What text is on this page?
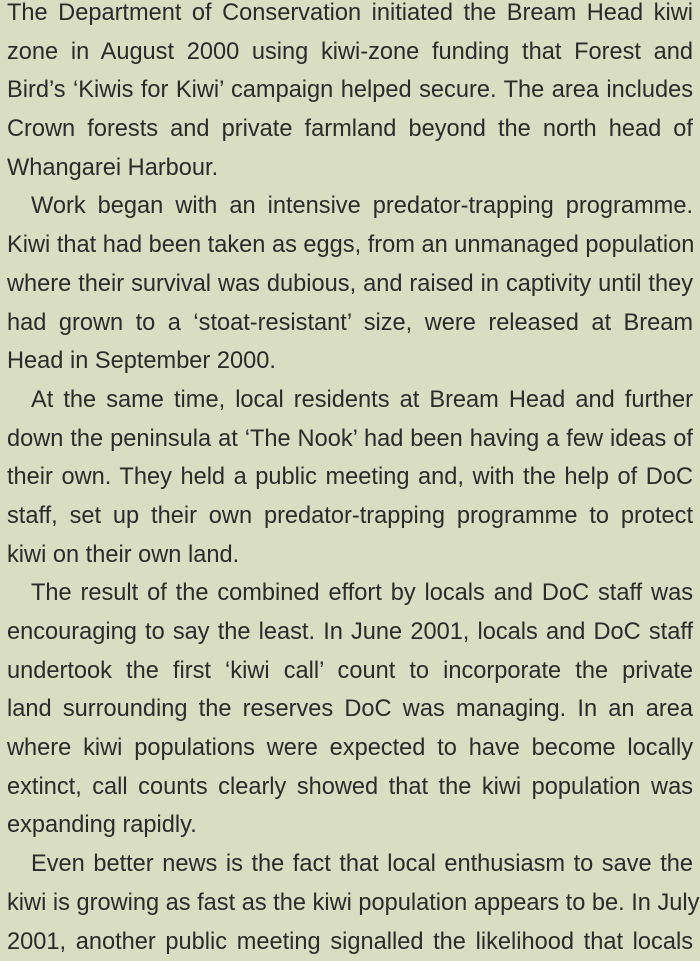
The Department of Conservation initiated the Bream Head kiwi
zone in August 2000 using kiwi-zone funding that Forest and
Bird’s ‘Kiwis for Kiwi’ campaign helped secure. The area includes
Crown forests and private farmland beyond the north head of
Whangarei Harbour.

Work began with an intensive predator-trapping programme.
Kiwi that had been taken as eggs, from an unmanaged population
where their survival was dubious, and raised in captivity until they
had grown to a ‘stoat-resistant’ size, were released at Bream
Head in September 2000.

At the same time, local residents at Bream Head and further
down the peninsula at ‘The Nook’ had been having a few ideas of
their own. They held a public meeting and, with the help of DoC
staff, set up their own predator-trapping programme to protect
kiwi on their own land.

The result of the combined effort by locals and DoC staff was
encouraging to say the least. In June 2001, locals and DoC staff
undertook the first ‘kiwi call’ count to incorporate the private
land surrounding the reserves DoC was managing. In an area
where kiwi populations were expected to have become locally
extinct, call counts clearly showed that the kiwi population was
expanding rapidly.

Even better news is the fact that local enthusiasm to save the
kiwi is growing as fast as the kiwi population appears to be. In July
2001, another public meeting signalled the likelihood that locals
